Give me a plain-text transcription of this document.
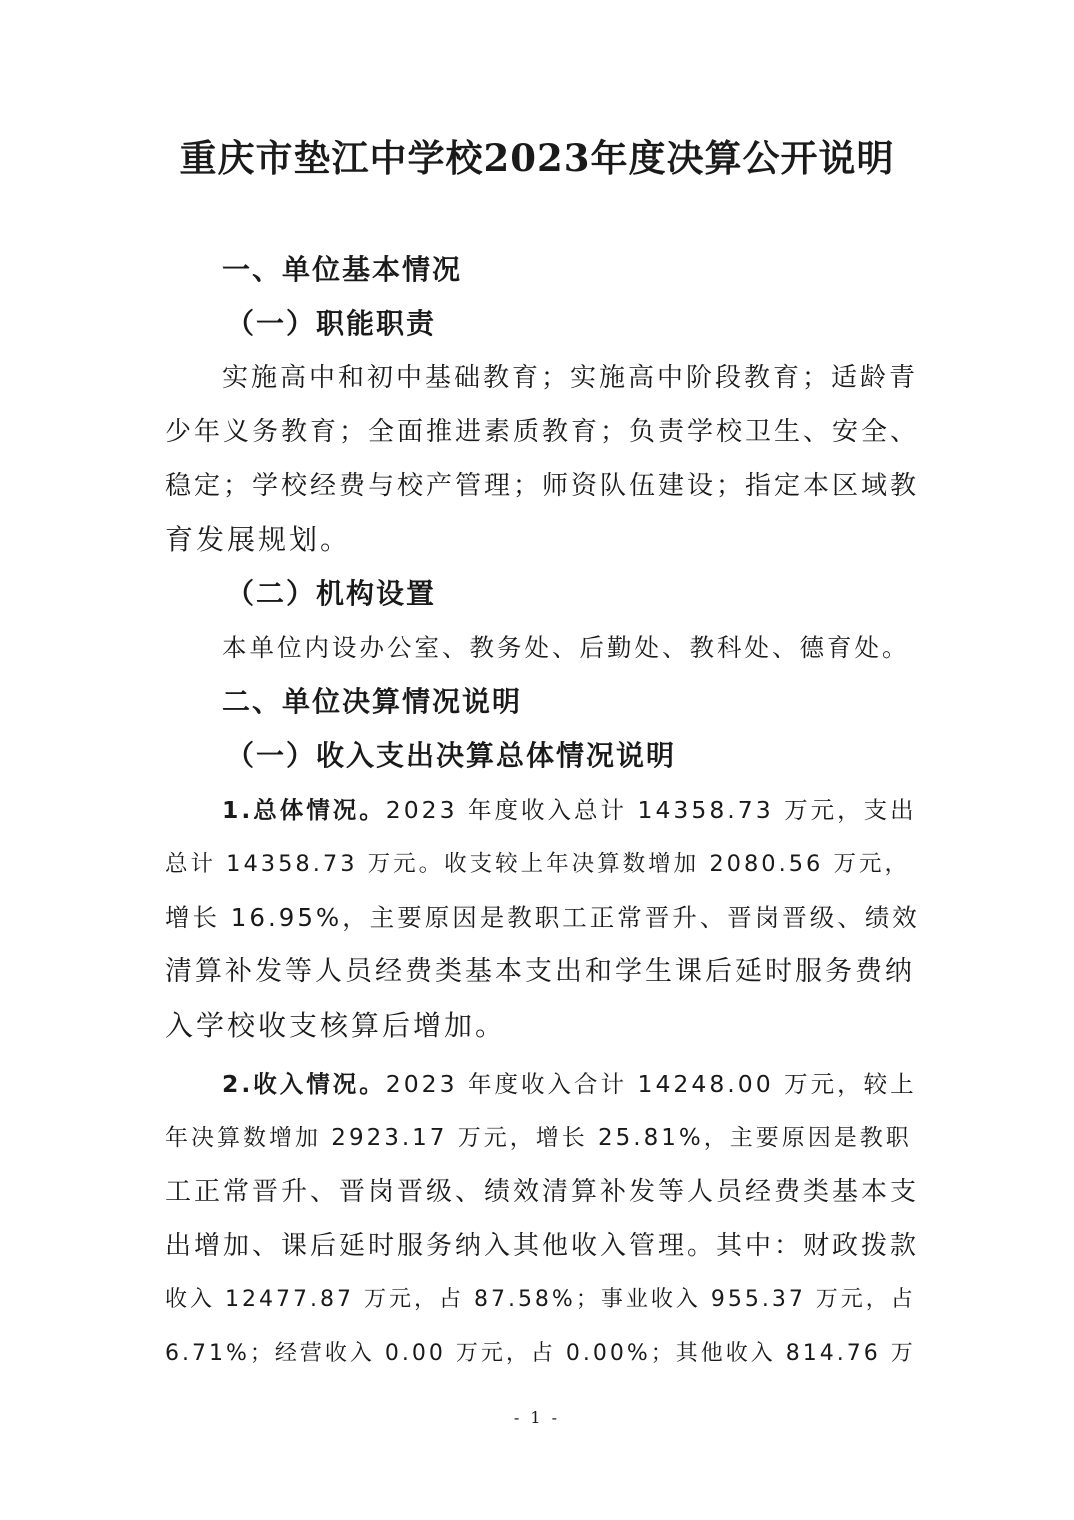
重庆市垫江中学校2023年度决算公开说明
一、单位基本情况
（一）职能职责
实施高中和初中基础教育；实施高中阶段教育；适龄青
少年义务教育；全面推进素质教育；负责学校卫生、安全、
稳定；学校经费与校产管理；师资队伍建设；指定本区域教
育发展规划。
（二）机构设置
本单位内设办公室、教务处、后勤处、教科处、德育处。
二、单位决算情况说明
（一）收入支出决算总体情况说明
1.总体情况。2023 年度收入总计 14358.73 万元，支出
总计 14358.73 万元。收支较上年决算数增加 2080.56 万元，
增长 16.95%，主要原因是教职工正常晋升、晋岗晋级、绩效
清算补发等人员经费类基本支出和学生课后延时服务费纳
入学校收支核算后增加。
2.收入情况。2023 年度收入合计 14248.00 万元，较上
年决算数增加 2923.17 万元，增长 25.81%，主要原因是教职
工正常晋升、晋岗晋级、绩效清算补发等人员经费类基本支
出增加、课后延时服务纳入其他收入管理。其中：财政拨款
收入 12477.87 万元，占 87.58%；事业收入 955.37 万元，占
6.71%；经营收入 0.00 万元，占 0.00%；其他收入 814.76 万
- 1 -
